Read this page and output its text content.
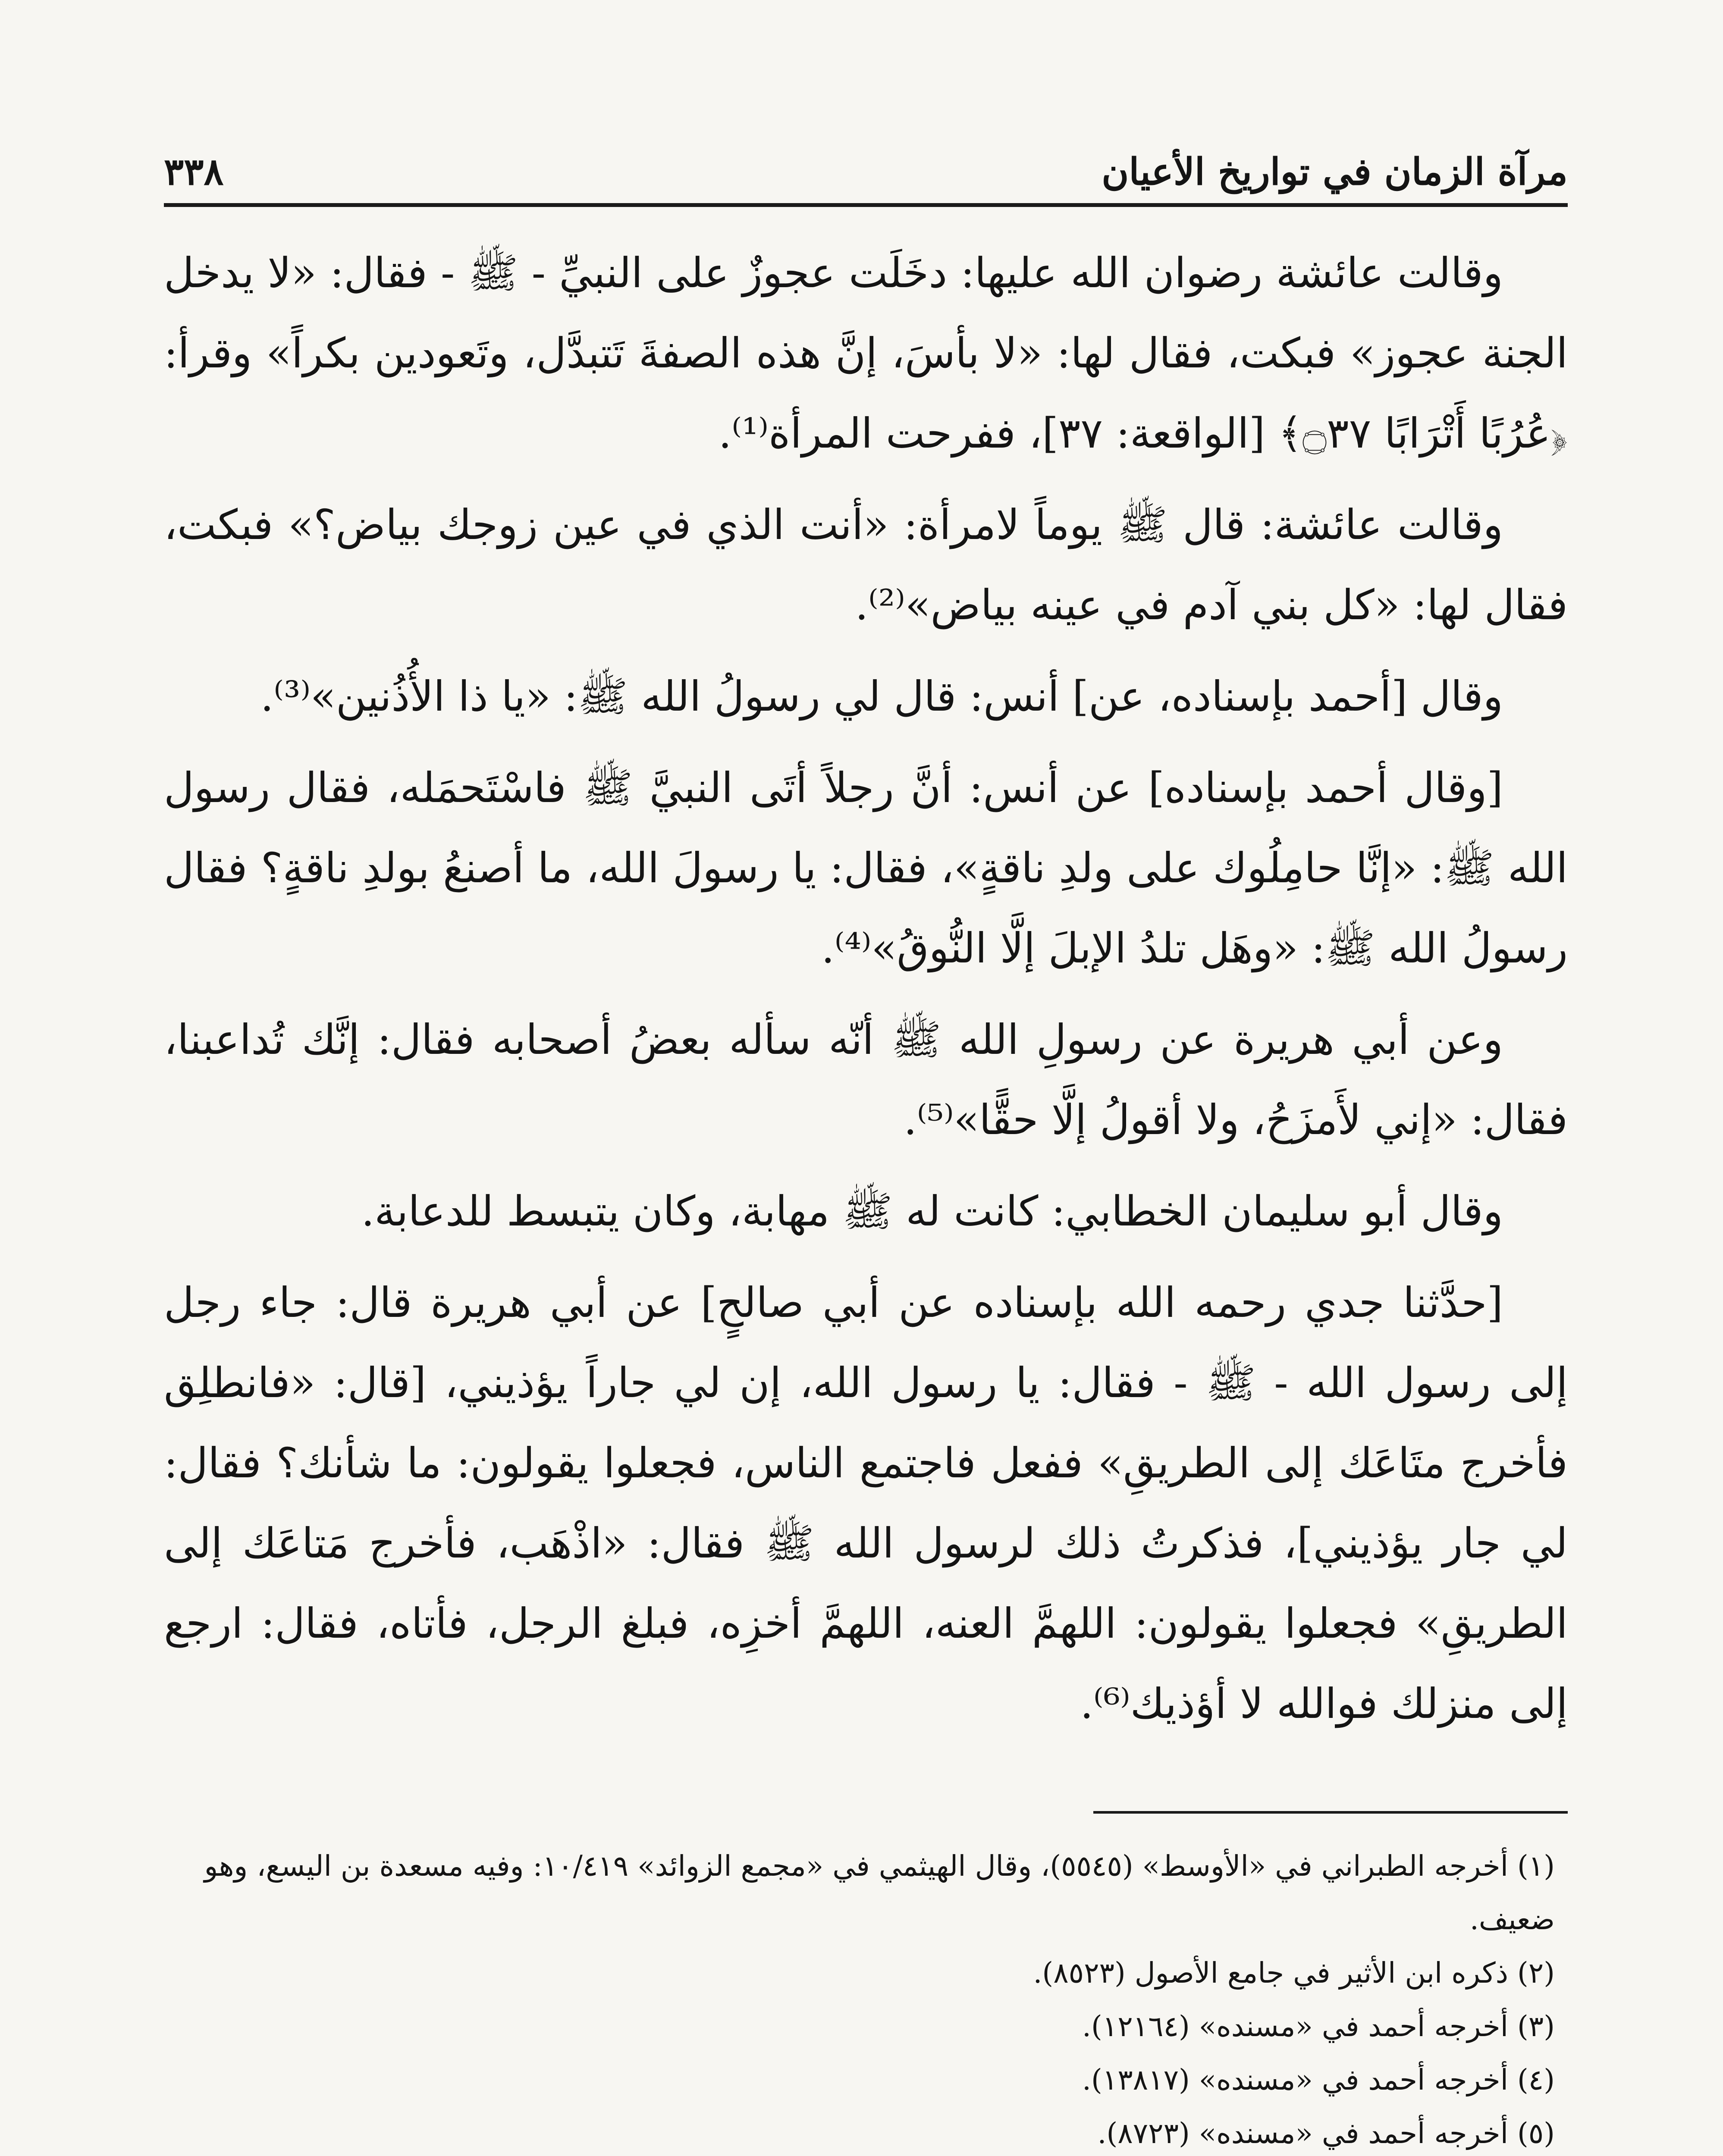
٣٣٨	مرآة الزمان في تواريخ الأعيان

وقالت عائشة رضوان الله عليها: دخَلَت عجوزٌ على النبيِّ - ﷺ - فقال: «لا يدخل الجنة عجوز» فبكت، فقال لها: «لا بأسَ، إنَّ هذه الصفةَ تَتبدَّل، وتَعودين بكراً» وقرأ: ﴿عُرُبًا أَتْرَابًا ۝٣٧﴾ [الواقعة: ٣٧]، ففرحت المرأة⁽¹⁾.

وقالت عائشة: قال ﷺ يوماً لامرأة: «أنت الذي في عين زوجك بياض؟» فبكت، فقال لها: «كل بني آدم في عينه بياض»⁽²⁾.

وقال [أحمد بإسناده، عن] أنس: قال لي رسولُ الله ﷺ: «يا ذا الأُذُنين»⁽³⁾.

[وقال أحمد بإسناده] عن أنس: أنَّ رجلاً أتَى النبيَّ ﷺ فاسْتَحمَله، فقال رسول الله ﷺ: «إنَّا حامِلُوك على ولدِ ناقةٍ»، فقال: يا رسولَ الله، ما أصنعُ بولدِ ناقةٍ؟ فقال رسولُ الله ﷺ: «وهَل تلدُ الإبلَ إلَّا النُّوقُ»⁽⁴⁾.

وعن أبي هريرة عن رسولِ الله ﷺ أنّه سأله بعضُ أصحابه فقال: إنَّك تُداعبنا، فقال: «إني لأَمزَحُ، ولا أقولُ إلَّا حقًّا»⁽⁵⁾.

وقال أبو سليمان الخطابي: كانت له ﷺ مهابة، وكان يتبسط للدعابة.

[حدَّثنا جدي رحمه الله بإسناده عن أبي صالحٍ] عن أبي هريرة قال: جاء رجل إلى رسول الله - ﷺ - فقال: يا رسول الله، إن لي جاراً يؤذيني، [قال: «فانطلِق فأخرج متَاعَك إلى الطريقِ» ففعل فاجتمع الناس، فجعلوا يقولون: ما شأنك؟ فقال: لي جار يؤذيني]، فذكرتُ ذلك لرسول الله ﷺ فقال: «اذْهَب، فأخرج مَتاعَك إلى الطريقِ» فجعلوا يقولون: اللهمَّ العنه، اللهمَّ أخزِه، فبلغ الرجل، فأتاه، فقال: ارجع إلى منزلك فوالله لا أؤذيك⁽⁶⁾.

(١) أخرجه الطبراني في «الأوسط» (٥٥٤٥)، وقال الهيثمي في «مجمع الزوائد» ١٠/٤١٩: وفيه مسعدة بن اليسع، وهو ضعيف.

(٢) ذكره ابن الأثير في جامع الأصول (٨٥٢٣).

(٣) أخرجه أحمد في «مسنده» (١٢١٦٤).

(٤) أخرجه أحمد في «مسنده» (١٣٨١٧).

(٥) أخرجه أحمد في «مسنده» (٨٧٢٣).
